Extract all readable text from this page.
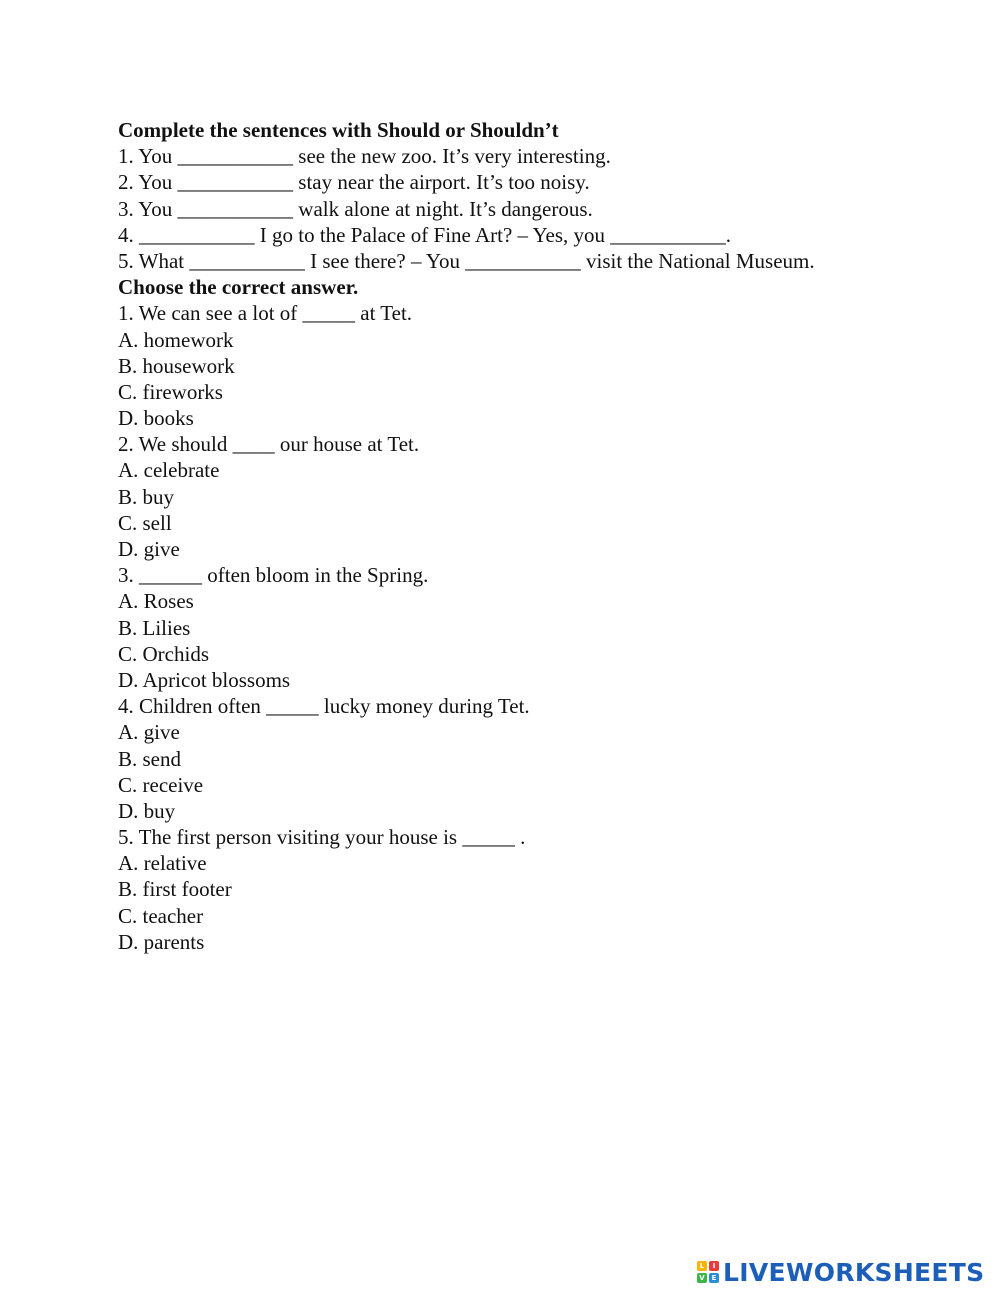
Complete the sentences with Should or Shouldn’t

1. You ___________ see the new zoo. It’s very interesting.

2. You ___________ stay near the airport. It’s too noisy.

3. You ___________ walk alone at night. It’s dangerous.

4. ___________ I go to the Palace of Fine Art? – Yes, you ___________.

5. What ___________ I see there? – You ___________ visit the National Museum.

Choose the correct answer.

1. We can see a lot of _____ at Tet.

A. homework

B. housework

C. fireworks

D. books

2. We should ____ our house at Tet.

A. celebrate

B. buy

C. sell

D. give

3. ______ often bloom in the Spring.

A. Roses

B. Lilies

C. Orchids

D. Apricot blossoms

4. Children often _____ lucky money during Tet.

A. give

B. send

C. receive

D. buy

5. The first person visiting your house is _____ .

A. relative

B. first footer

C. teacher

D. parents

L	I
V E LIVEWORKSHEETS
